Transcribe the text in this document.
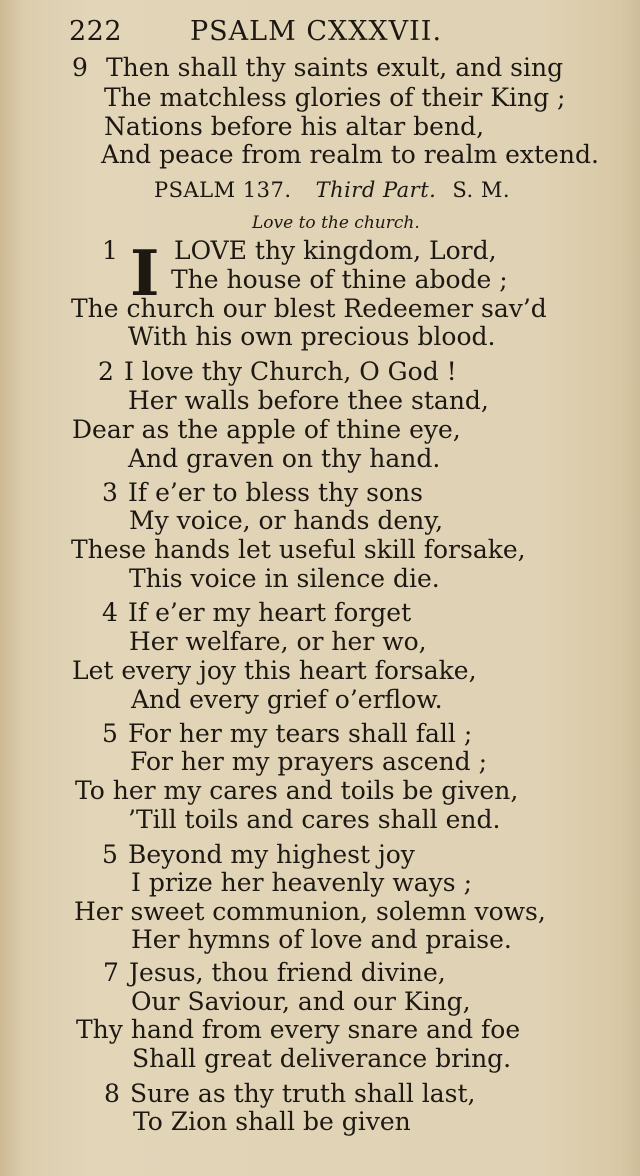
222	PSALM CXXXVII.
9 Then shall thy saints exult, and sing
The matchless glories of their King ;
Nations before his altar bend,
And peace from realm to realm extend.
PSALM 137. Third Part. S. M.
Love to the church.
I
1 LOVE thy kingdom, Lord,
The house of thine abode ;
The church our blest Redeemer sav’d
With his own precious blood.
2 I love thy Church, O God !
Her walls before thee stand,
Dear as the apple of thine eye,
And graven on thy hand.
3 If e’er to bless thy sons
My voice, or hands deny,
These hands let useful skill forsake,
This voice in silence die.
4 If e’er my heart forget
Her welfare, or her wo,
Let every joy this heart forsake,
And every grief o’erflow.
5 For her my tears shall fall ;
For her my prayers ascend ;
To her my cares and toils be given,
’Till toils and cares shall end.
5 Beyond my highest joy
I prize her heavenly ways ;
Her sweet communion, solemn vows,
Her hymns of love and praise.
7 Jesus, thou friend divine,
Our Saviour, and our King,
Thy hand from every snare and foe
Shall great deliverance bring.
8 Sure as thy truth shall last,
To Zion shall be given
